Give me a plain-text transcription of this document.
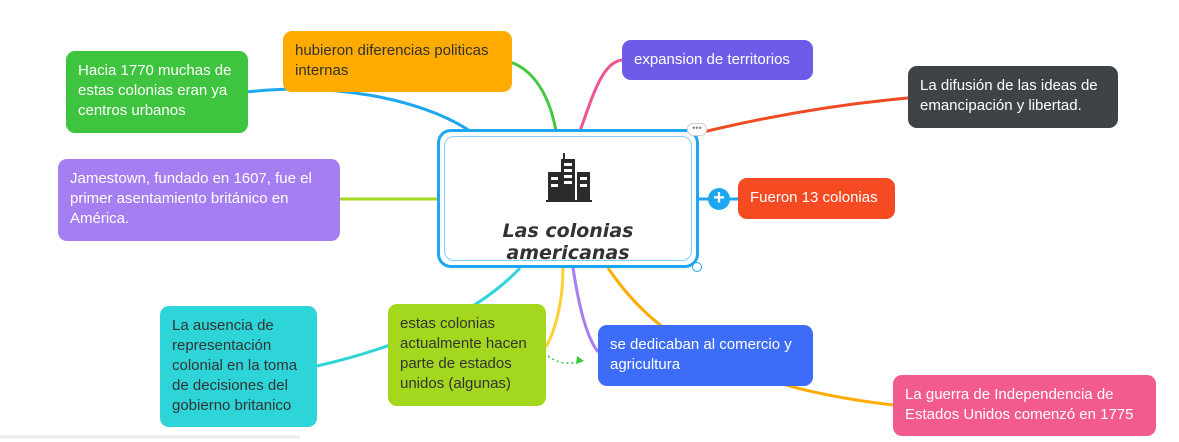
Las colonias americanas
•••
hubieron diferencias politicas internas
Hacia 1770 muchas de estas colonias eran ya centros urbanos
expansion de territorios
La difusión de las ideas de emancipación y libertad.
Jamestown, fundado en 1607, fue el primer asentamiento británico en América.
Fueron 13 colonias
+
La ausencia de representación colonial en la toma de decisiones del gobierno britanico
estas colonias actualmente hacen parte de estados unidos (algunas)
se dedicaban al comercio y agricultura
La guerra de Independencia de Estados Unidos comenzó en 1775
